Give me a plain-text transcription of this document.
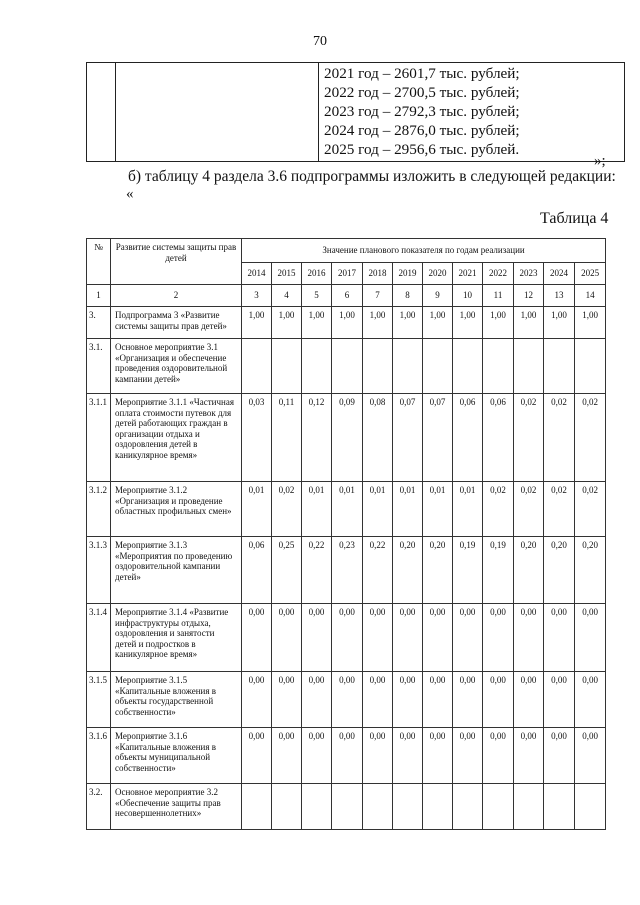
70

2021 год – 2601,7 тыс. рублей;
2022 год – 2700,5 тыс. рублей;
2023 год – 2792,3 тыс. рублей;
2024 год – 2876,0 тыс. рублей;
2025 год – 2956,6 тыс. рублей.
»;
б) таблицу 4 раздела 3.6 подпрограммы изложить в следующей редакции:
«
Таблица 4
№	Развитие системы защиты прав детей	Значение планового показателя по годам реализации											
		2014	2015	2016	2017	2018	2019	2020	2021	2022	2023	2024	2025
1	2	3	4	5	6	7	8	9	10	11	12	13	14
3.	Подпрограмма 3 «Развитие системы защиты прав детей»	1,00	1,00	1,00	1,00	1,00	1,00	1,00	1,00	1,00	1,00	1,00	1,00
3.1.	Основное мероприятие 3.1 «Организация и обеспечение проведения оздоровительной кампании детей»												
3.1.1	Мероприятие 3.1.1 «Частичная оплата стоимости путевок для детей работающих граждан в организации отдыха и оздоровления детей в каникулярное время»	0,03	0,11	0,12	0,09	0,08	0,07	0,07	0,06	0,06	0,02	0,02	0,02
3.1.2	Мероприятие 3.1.2 «Организация и проведение областных профильных смен»	0,01	0,02	0,01	0,01	0,01	0,01	0,01	0,01	0,02	0,02	0,02	0,02
3.1.3	Мероприятие 3.1.3 «Мероприятия по проведению оздоровительной кампании детей»	0,06	0,25	0,22	0,23	0,22	0,20	0,20	0,19	0,19	0,20	0,20	0,20
3.1.4	Мероприятие 3.1.4 «Развитие инфраструктуры отдыха, оздоровления и занятости детей и подростков в каникулярное время»	0,00	0,00	0,00	0,00	0,00	0,00	0,00	0,00	0,00	0,00	0,00	0,00
3.1.5	Мероприятие 3.1.5 «Капитальные вложения в объекты государственной собственности»	0,00	0,00	0,00	0,00	0,00	0,00	0,00	0,00	0,00	0,00	0,00	0,00
3.1.6	Мероприятие 3.1.6 «Капитальные вложения в объекты муниципальной собственности»	0,00	0,00	0,00	0,00	0,00	0,00	0,00	0,00	0,00	0,00	0,00	0,00
3.2.	Основное мероприятие 3.2 «Обеспечение защиты прав несовершеннолетних»												
